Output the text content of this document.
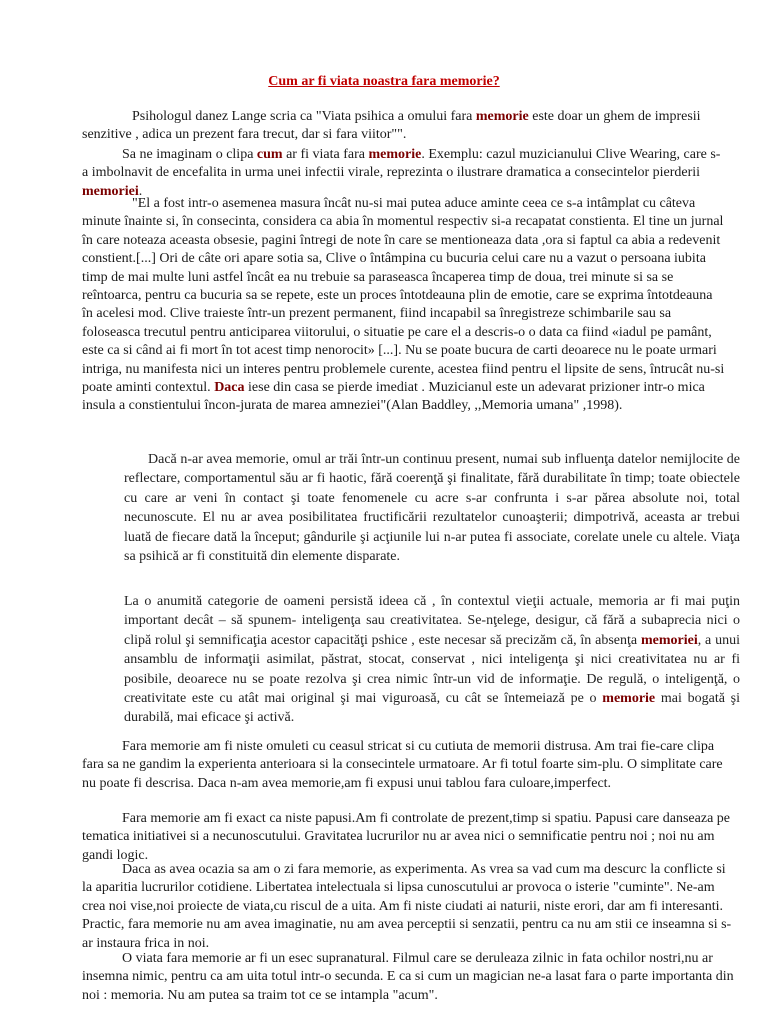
Cum ar fi viata noastra fara memorie?

Psihologul danez Lange scria ca "Viata psihica a omului fara memorie este doar un ghem de impresii senzitive , adica un prezent fara trecut, dar si fara viitor"".

Sa ne imaginam o clipa cum ar fi viata fara memorie. Exemplu: cazul muzicianului Clive Wearing, care s-a imbolnavit de encefalita in urma unei infectii virale, reprezinta o ilustrare dramatica a consecintelor pierderii memoriei.

"El a fost intr-o asemenea masura încât nu-si mai putea aduce aminte ceea ce s-a intâmplat cu câteva minute înainte si, în consecinta, considera ca abia în momentul respectiv si-a recapatat constienta. El tine un jurnal în care noteaza aceasta obsesie, pagini întregi de note în care se mentioneaza data ,ora si faptul ca abia a redevenit constient.[...] Ori de câte ori apare sotia sa, Clive o întâmpina cu bucuria celui care nu a vazut o persoana iubita timp de mai multe luni astfel încât ea nu trebuie sa paraseasca încaperea timp de doua, trei minute si sa se reîntoarca, pentru ca bucuria sa se repete, este un proces întotdeauna plin de emotie, care se exprima întotdeauna în acelesi mod. Clive traieste într-un prezent permanent, fiind incapabil sa înregistreze schimbarile sau sa foloseasca trecutul pentru anticiparea viitorului, o situatie pe care el a descris-o o data ca fiind «iadul pe pamânt, este ca si când ai fi mort în tot acest timp nenorocit» [...]. Nu se poate bucura de carti deoarece nu le poate urmari intriga, nu manifesta nici un interes pentru problemele curente, acestea fiind pentru el lipsite de sens, întrucât nu-si poate aminti contextul. Daca iese din casa se pierde imediat . Muzicianul este un adevarat prizioner intr-o mica insula a constientului încon-jurata de marea amneziei"(Alan Baddley, ,,Memoria umana" ,1998).

Dacă n-ar avea memorie, omul ar trăi într-un continuu present, numai sub influenţa datelor nemijlocite de reflectare, comportamentul său ar fi haotic, fără coerenţă şi finalitate, fără durabilitate în timp; toate obiectele cu care ar veni în contact şi toate fenomenele cu acre s-ar confrunta i s-ar părea absolute noi, total necunoscute. El nu ar avea posibilitatea fructificării rezultatelor cunoaşterii; dimpotrivă, aceasta ar trebui luată de fiecare dată la început; gândurile şi acţiunile lui n-ar putea fi associate, corelate unele cu altele. Viaţa sa psihică ar fi constituită din elemente disparate.

La o anumită categorie de oameni persistă ideea că , în contextul vieţii actuale, memoria ar fi mai puţin important decât – să spunem- inteligenţa sau creativitatea. Se-nţelege, desigur, că fără a subaprecia nici o clipă rolul şi semnificaţia acestor capacităţi pshice , este necesar să precizăm că, în absenţa memoriei, a unui ansamblu de informaţii asimilat, păstrat, stocat, conservat , nici inteligenţa şi nici creativitatea nu ar fi posibile, deoarece nu se poate rezolva şi crea nimic într-un vid de informaţie. De regulă, o inteligenţă, o creativitate este cu atât mai original şi mai viguroasă, cu cât se întemeiază pe o memorie mai bogată şi durabilă, mai eficace şi activă.

Fara memorie am fi niste omuleti cu ceasul stricat si cu cutiuta de memorii distrusa. Am trai fie-care clipa fara sa ne gandim la experienta anterioara si la consecintele urmatoare. Ar fi totul foarte sim-plu. O simplitate care nu poate fi descrisa. Daca n-am avea memorie,am fi expusi unui tablou fara culoare,imperfect.

Fara memorie am fi exact ca niste papusi.Am fi controlate de prezent,timp si spatiu. Papusi care danseaza pe tematica initiativei si a necunoscutului. Gravitatea lucrurilor nu ar avea nici o semnificatie pentru noi ; noi nu am gandi logic.

Daca as avea ocazia sa am o zi fara memorie, as experimenta. As vrea sa vad cum ma descurc la conflicte si la aparitia lucrurilor cotidiene. Libertatea intelectuala si lipsa cunoscutului ar provoca o isterie "cuminte". Ne-am crea noi vise,noi proiecte de viata,cu riscul de a uita. Am fi niste ciudati ai naturii, niste erori, dar am fi interesanti. Practic, fara memorie nu am avea imaginatie, nu am avea perceptii si senzatii, pentru ca nu am stii ce inseamna si s-ar instaura frica in noi.

O viata fara memorie ar fi un esec supranatural. Filmul care se deruleaza zilnic in fata ochilor nostri,nu ar insemna nimic, pentru ca am uita totul intr-o secunda. E ca si cum un magician ne-a lasat fara o parte importanta din noi : memoria. Nu am putea sa traim tot ce se intampla "acum".
